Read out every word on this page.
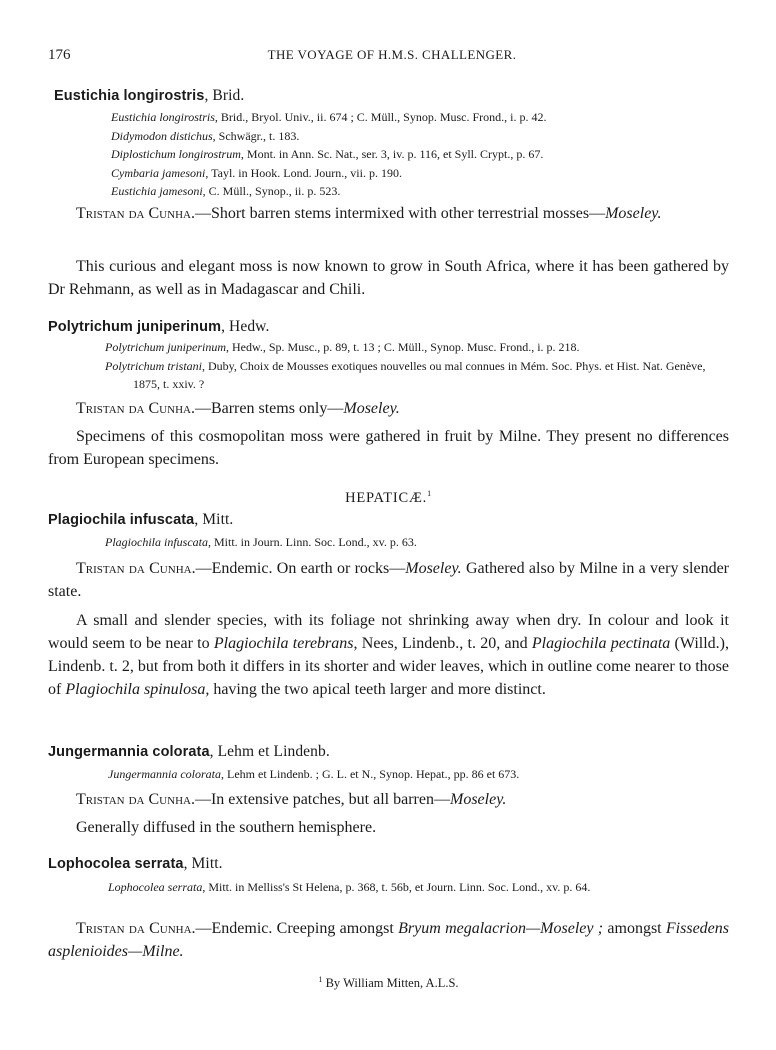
176	THE VOYAGE OF H.M.S. CHALLENGER.
Eustichia longirostris, Brid.
Eustichia longirostris, Brid., Bryol. Univ., ii. 674 ; C. Müll., Synop. Musc. Frond., i. p. 42.
Didymodon distichus, Schwägr., t. 183.
Diplostichum longirostrum, Mont. in Ann. Sc. Nat., ser. 3, iv. p. 116, et Syll. Crypt., p. 67.
Cymbaria jamesoni, Tayl. in Hook. Lond. Journ., vii. p. 190.
Eustichia jamesoni, C. Müll., Synop., ii. p. 523.

Tristan da Cunha.—Short barren stems intermixed with other terrestrial mosses—Moseley.

This curious and elegant moss is now known to grow in South Africa, where it has been gathered by Dr Rehmann, as well as in Madagascar and Chili.

Polytrichum juniperinum, Hedw.
Polytrichum juniperinum, Hedw., Sp. Musc., p. 89, t. 13 ; C. Müll., Synop. Musc. Frond., i. p. 218.
Polytrichum tristani, Duby, Choix de Mousses exotiques nouvelles ou mal connues in Mém. Soc. Phys. et Hist. Nat. Genève, 1875, t. xxiv. ?

Tristan da Cunha.—Barren stems only—Moseley.

Specimens of this cosmopolitan moss were gathered in fruit by Milne. They present no differences from European specimens.

HEPATICÆ.$^1$
Plagiochila infuscata, Mitt.
Plagiochila infuscata, Mitt. in Journ. Linn. Soc. Lond., xv. p. 63.

Tristan da Cunha.—Endemic. On earth or rocks—Moseley. Gathered also by Milne in a very slender state.

A small and slender species, with its foliage not shrinking away when dry. In colour and look it would seem to be near to Plagiochila terebrans, Nees, Lindenb., t. 20, and Plagiochila pectinata (Willd.), Lindenb. t. 2, but from both it differs in its shorter and wider leaves, which in outline come nearer to those of Plagiochila spinulosa, having the two apical teeth larger and more distinct.

Jungermannia colorata, Lehm et Lindenb.
Jungermannia colorata, Lehm et Lindenb. ; G. L. et N., Synop. Hepat., pp. 86 et 673.

Tristan da Cunha.—In extensive patches, but all barren—Moseley.

Generally diffused in the southern hemisphere.

Lophocolea serrata, Mitt.
Lophocolea serrata, Mitt. in Melliss's St Helena, p. 368, t. 56b, et Journ. Linn. Soc. Lond., xv. p. 64.

Tristan da Cunha.—Endemic. Creeping amongst Bryum megalacrion—Moseley ; amongst Fissedens asplenioides—Milne.

$^1$ By William Mitten, A.L.S.
